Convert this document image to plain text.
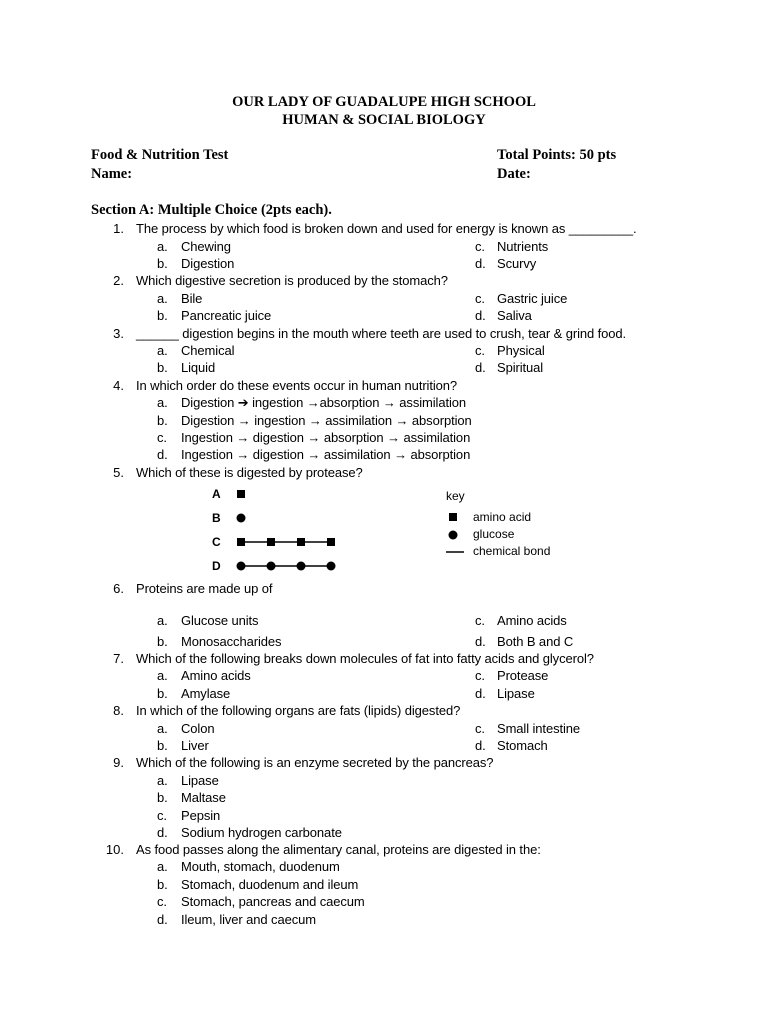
OUR LADY OF GUADALUPE HIGH SCHOOL
HUMAN & SOCIAL BIOLOGY
Food & Nutrition Test	Total Points: 50 pts
Name:	Date:
Section A: Multiple Choice (2pts each).
1. The process by which food is broken down and used for energy is known as _________.
a. Chewing
b. Digestion
c. Nutrients
d. Scurvy
2. Which digestive secretion is produced by the stomach?
a. Bile
b. Pancreatic juice
c. Gastric juice
d. Saliva
3. ______ digestion begins in the mouth where teeth are used to crush, tear & grind food.
a. Chemical
b. Liquid
c. Physical
d. Spiritual
4. In which order do these events occur in human nutrition?
a. Digestion ➔ ingestion →absorption → assimilation
b. Digestion → ingestion → assimilation → absorption
c. Ingestion → digestion → absorption → assimilation
d. Ingestion → digestion → assimilation → absorption
5. Which of these is digested by protease?
A
B
C
D
key
amino acid
glucose
chemical bond
6. Proteins are made up of
a. Glucose units
b. Monosaccharides
c. Amino acids
d. Both B and C
7. Which of the following breaks down molecules of fat into fatty acids and glycerol?
a. Amino acids
b. Amylase
c. Protease
d. Lipase
8. In which of the following organs are fats (lipids) digested?
a. Colon
b. Liver
c. Small intestine
d. Stomach
9. Which of the following is an enzyme secreted by the pancreas?
a. Lipase
b. Maltase
c. Pepsin
d. Sodium hydrogen carbonate
10. As food passes along the alimentary canal, proteins are digested in the:
a. Mouth, stomach, duodenum
b. Stomach, duodenum and ileum
c. Stomach, pancreas and caecum
d. Ileum, liver and caecum
